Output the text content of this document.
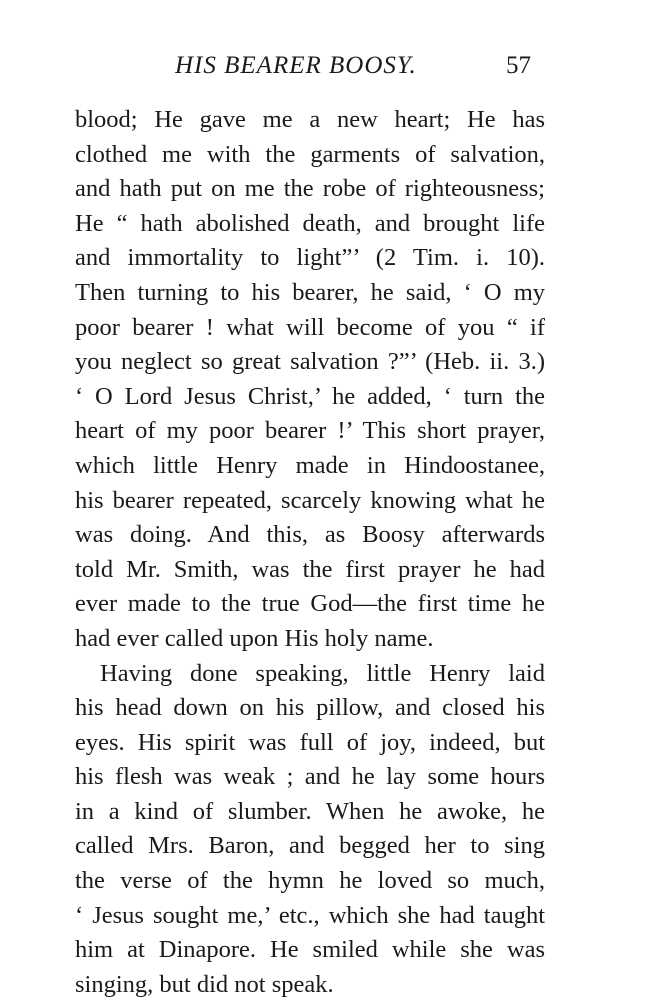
HIS BEARER BOOSY.	57
blood; He gave me a new heart; He has
clothed me with the garments of salvation,
and hath put on me the robe of righteousness;
He “ hath abolished death, and brought life
and immortality to light”’ (2 Tim. i. 10).
Then turning to his bearer, he said, ‘ O my
poor bearer ! what will become of you “ if
you neglect so great salvation ?”’ (Heb. ii. 3.)
‘ O Lord Jesus Christ,’ he added, ‘ turn the
heart of my poor bearer !’ This short prayer,
which little Henry made in Hindoostanee,
his bearer repeated, scarcely knowing what he
was doing. And this, as Boosy afterwards
told Mr. Smith, was the first prayer he had
ever made to the true God—the first time he
had ever called upon His holy name.
Having done speaking, little Henry laid
his head down on his pillow, and closed his
eyes. His spirit was full of joy, indeed, but
his flesh was weak ; and he lay some hours
in a kind of slumber. When he awoke, he
called Mrs. Baron, and begged her to sing
the verse of the hymn he loved so much,
‘ Jesus sought me,’ etc., which she had taught
him at Dinapore. He smiled while she was
singing, but did not speak.
